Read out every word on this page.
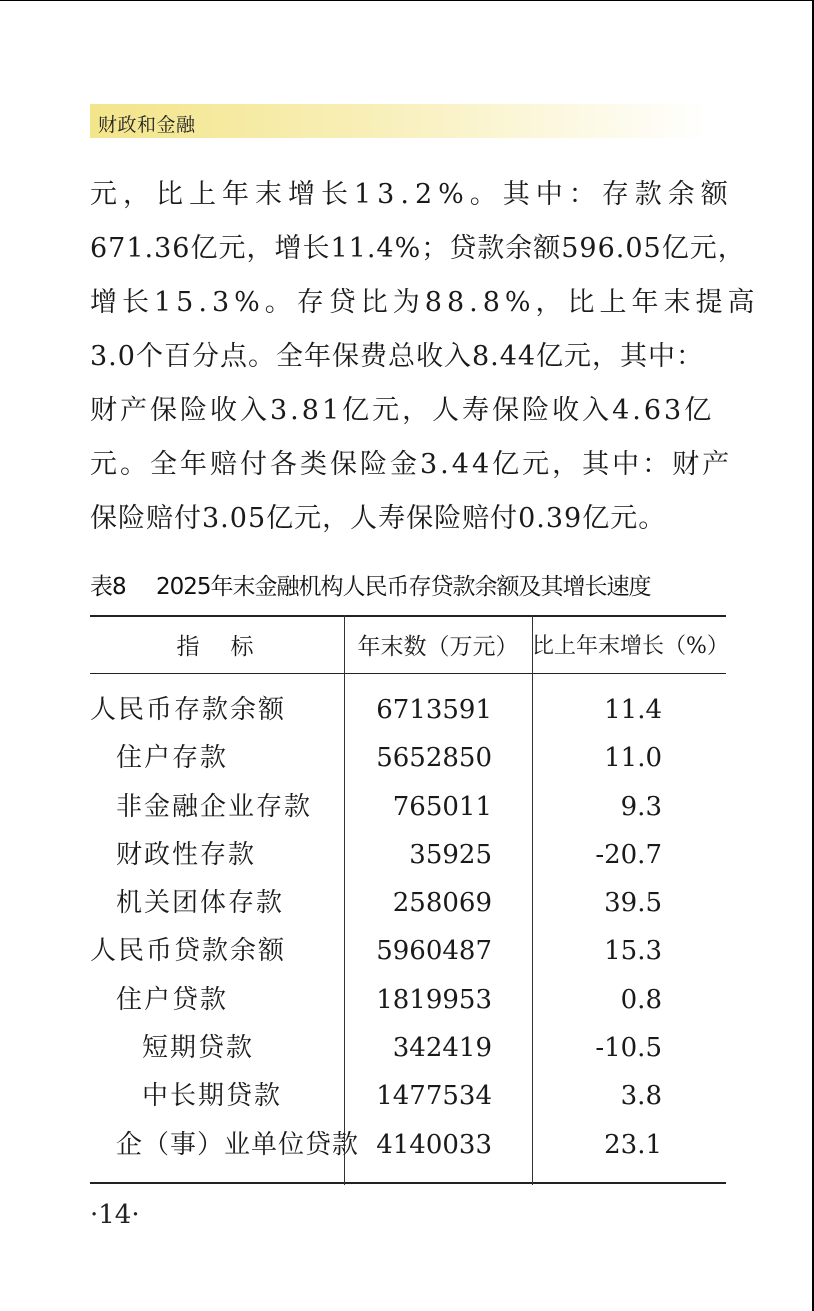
财政和金融
元，比上年末增长13.2%。其中：存款余额
671.36亿元，增长11.4%；贷款余额596.05亿元，
增长15.3%。存贷比为88.8%，比上年末提高
3.0个百分点。全年保费总收入8.44亿元，其中：
财产保险收入3.81亿元，人寿保险收入4.63亿
元。全年赔付各类保险金3.44亿元，其中：财产
保险赔付3.05亿元，人寿保险赔付0.39亿元。
表8 2025年末金融机构人民币存贷款余额及其增长速度
指　标	年末数（万元） 比上年末增长（%）
人民币存款余额	6713591	11.4
住户存款	5652850	11.0
非金融企业存款	765011	9.3
财政性存款	35925	-20.7
机关团体存款	258069	39.5
人民币贷款余额	5960487	15.3
住户贷款	1819953	0.8
短期贷款	342419	-10.5
中长期贷款	1477534	3.8
企（事）业单位贷款 4140033	23.1
·14·
